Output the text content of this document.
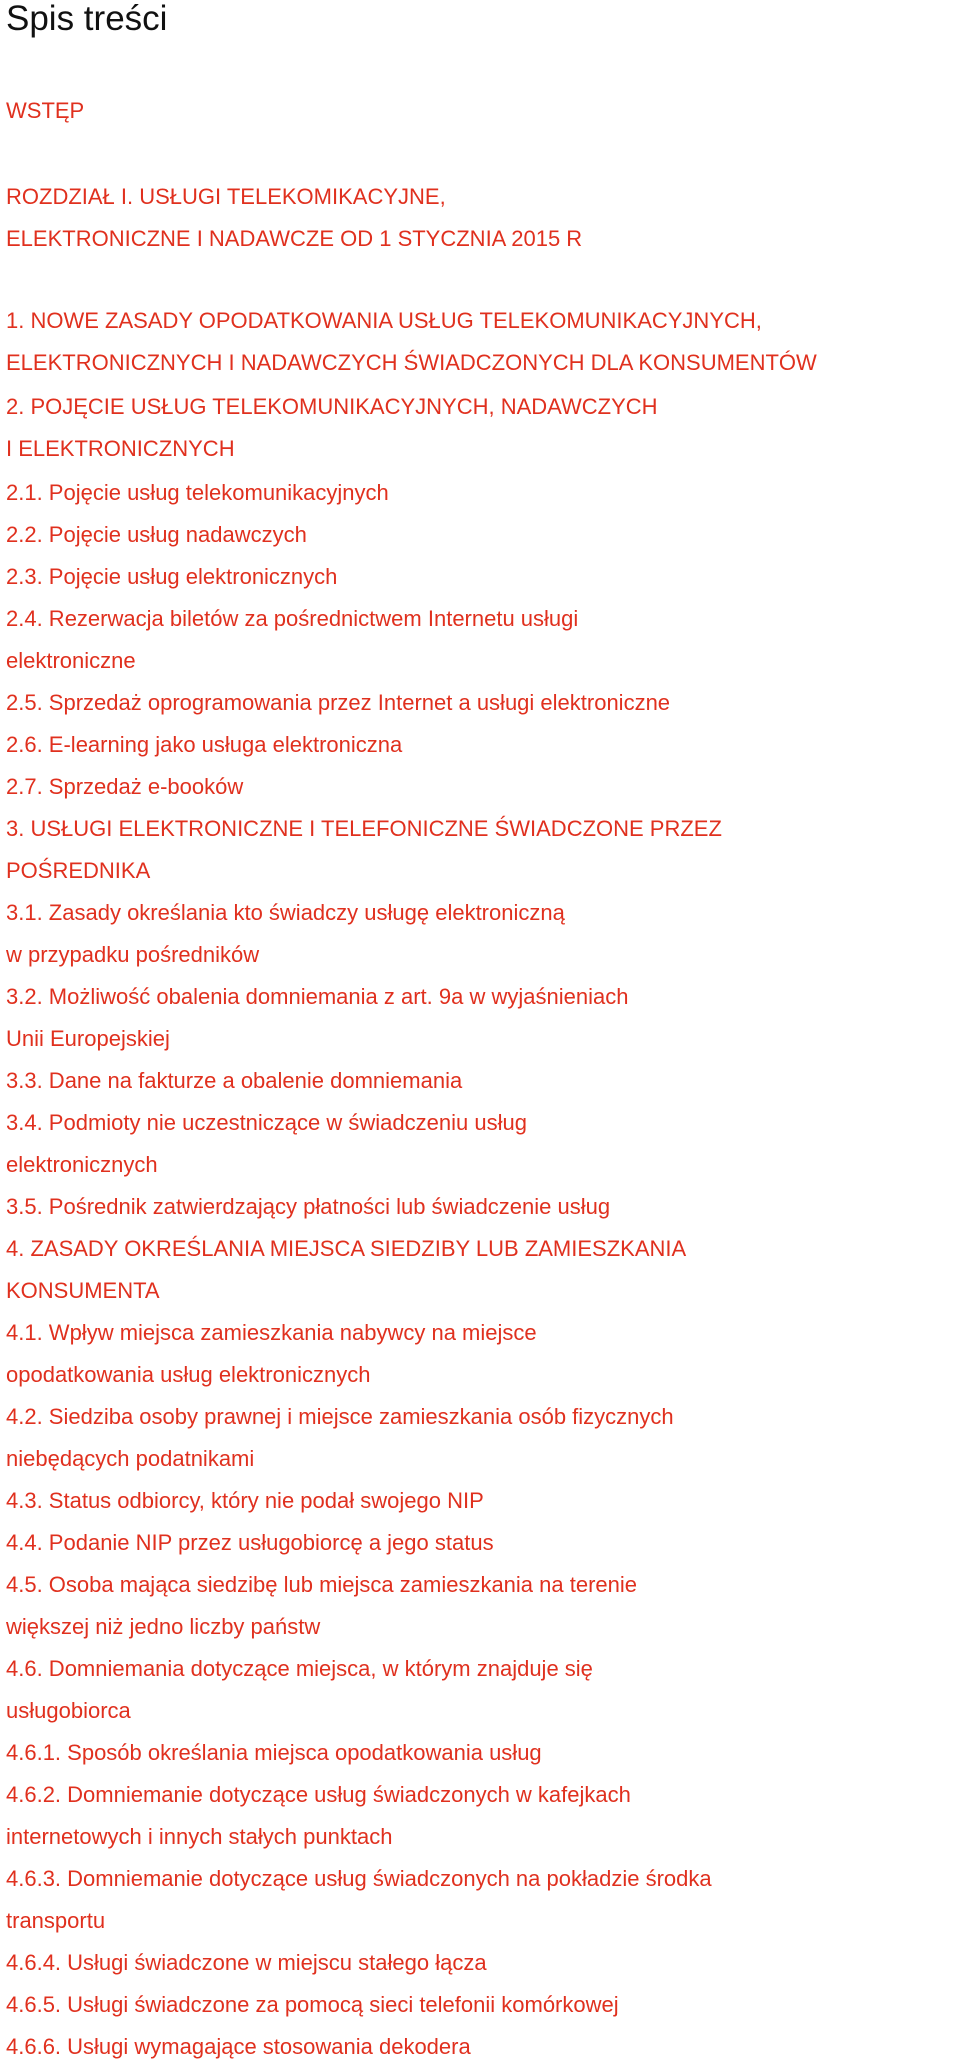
Spis treści
WSTĘP
ROZDZIAŁ I. USŁUGI TELEKOMIKACYJNE,
ELEKTRONICZNE I NADAWCZE OD 1 STYCZNIA 2015 R
1. NOWE ZASADY OPODATKOWANIA USŁUG TELEKOMUNIKACYJNYCH,
ELEKTRONICZNYCH I NADAWCZYCH ŚWIADCZONYCH DLA KONSUMENTÓW
2. POJĘCIE USŁUG TELEKOMUNIKACYJNYCH, NADAWCZYCH
I ELEKTRONICZNYCH
2.1. Pojęcie usług telekomunikacyjnych
2.2. Pojęcie usług nadawczych
2.3. Pojęcie usług elektronicznych
2.4. Rezerwacja biletów za pośrednictwem Internetu usługi
elektroniczne
2.5. Sprzedaż oprogramowania przez Internet a usługi elektroniczne
2.6. E-learning jako usługa elektroniczna
2.7. Sprzedaż e-booków
3. USŁUGI ELEKTRONICZNE I TELEFONICZNE ŚWIADCZONE PRZEZ
POŚREDNIKA
3.1. Zasady określania kto świadczy usługę elektroniczną
w przypadku pośredników
3.2. Możliwość obalenia domniemania z art. 9a w wyjaśnieniach
Unii Europejskiej
3.3. Dane na fakturze a obalenie domniemania
3.4. Podmioty nie uczestniczące w świadczeniu usług
elektronicznych
3.5. Pośrednik zatwierdzający płatności lub świadczenie usług
4. ZASADY OKREŚLANIA MIEJSCA SIEDZIBY LUB ZAMIESZKANIA
KONSUMENTA
4.1. Wpływ miejsca zamieszkania nabywcy na miejsce
opodatkowania usług elektronicznych
4.2. Siedziba osoby prawnej i miejsce zamieszkania osób fizycznych
niebędących podatnikami
4.3. Status odbiorcy, który nie podał swojego NIP
4.4. Podanie NIP przez usługobiorcę a jego status
4.5. Osoba mająca siedzibę lub miejsca zamieszkania na terenie
większej niż jedno liczby państw
4.6. Domniemania dotyczące miejsca, w którym znajduje się
usługobiorca
4.6.1. Sposób określania miejsca opodatkowania usług
4.6.2. Domniemanie dotyczące usług świadczonych w kafejkach
internetowych i innych stałych punktach
4.6.3. Domniemanie dotyczące usług świadczonych na pokładzie środka
transportu
4.6.4. Usługi świadczone w miejscu stałego łącza
4.6.5. Usługi świadczone za pomocą sieci telefonii komórkowej
4.6.6. Usługi wymagające stosowania dekodera
